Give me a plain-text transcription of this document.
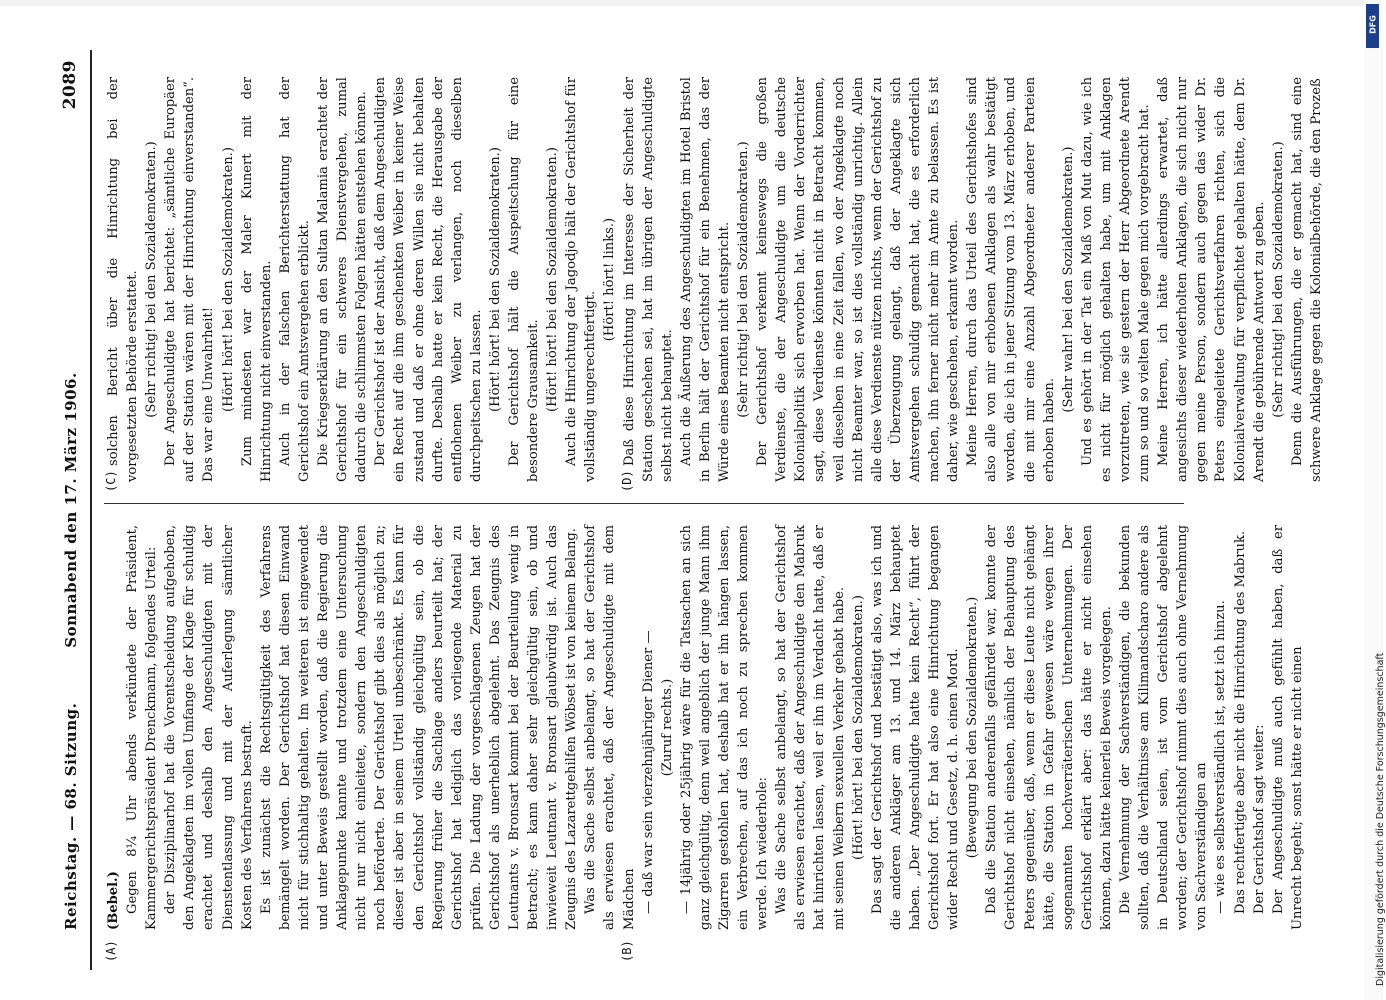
Reichstag. — 68. Sitzung.
Sonnabend den 17. März 1906.
2089
(A)	(B)
(C)	(D)

(Bebel.) Gegen 8¼ Uhr abends verkündete der Präsident, Kammergerichtspräsident Drenckmann, folgendes Urteil: der Disziplinarhof hat die Vorentscheidung aufgehoben, den Angeklagten im vollen Umfange der Klage für schuldig erachtet und deshalb den Angeschuldigten mit der Dienstentlassung und mit der Auferlegung sämtlicher Kosten des Verfahrens bestraft. Es ist zunächst die Rechtsgültigkeit des Verfahrens bemängelt worden. Der Gerichtshof hat diesen Einwand nicht für stichhaltig gehalten. Im weiteren ist eingewendet und unter Beweis gestellt worden, daß die Regierung die Anklagepunkte kannte und trotzdem eine Untersuchung nicht nur nicht einleitete, sondern den Angeschuldigten noch beförderte. Der Gerichtshof gibt dies als möglich zu; dieser ist aber in seinem Urteil unbeschränkt. Es kann für den Gerichtshof vollständig gleichgültig sein, ob die Regierung früher die Sachlage anders beurteilt hat; der Gerichtshof hat lediglich das vorliegende Material zu prüfen. Die Ladung der vorgeschlagenen Zeugen hat der Gerichtshof als unerheblich abgelehnt. Das Zeugnis des Leutnants v. Bronsart kommt bei der Beurteilung wenig in Betracht; es kann daher sehr gleichgültig sein, ob und inwieweit Leutnant v. Bronsart glaubwürdig ist. Auch das Zeugnis des Lazarettgehilfen Wöbset ist von keinem Belang. Was die Sache selbst anbelangt, so hat der Gerichtshof als erwiesen erachtet, daß der Angeschuldigte mit dem Mädchen — daß war sein vierzehnjähriger Diener — (Zuruf rechts.) — 14jährig oder 25jährig wäre für die Tatsachen an sich ganz gleichgültig, denn weil angeblich der junge Mann ihm Zigarren gestohlen hat, deshalb hat er ihn hängen lassen, ein Verbrechen, auf das ich noch zu sprechen kommen werde. Ich wiederhole: Was die Sache selbst anbelangt, so hat der Gerichtshof als erwiesen erachtet, daß der Angeschuldigte den Mabruk hat hinrichten lassen, weil er ihn im Verdacht hatte, daß er mit seinen Weibern sexuellen Verkehr gehabt habe. (Hört! hört! bei den Sozialdemokraten.) Das sagt der Gerichtshof und bestätigt also, was ich und die anderen Ankläger am 13. und 14. März behauptet haben. „Der Angeschuldigte hatte kein Recht“, führt der Gerichtshof fort. Er hat also eine Hinrichtung begangen wider Recht und Gesetz, d. h. einen Mord. (Bewegung bei den Sozialdemokraten.) Daß die Station anderenfalls gefährdet war, konnte der Gerichtshof nicht einsehen, nämlich der Behauptung des Peters gegenüber, daß, wenn er diese Leute nicht gehängt hätte, die Station in Gefahr gewesen wäre wegen ihrer sogenannten hochverräterischen Unternehmungen. Der Gerichtshof erklärt aber: das hätte er nicht einsehen können, dazu hätte keinerlei Beweis vorgelegen. Die Vernehmung der Sachverständigen, die bekunden sollten, daß die Verhältnisse am Kilimandscharo andere als in Deutschland seien, ist vom Gerichtshof abgelehnt worden; der Gerichtshof nimmt dies auch ohne Vernehmung von Sachverständigen an — wie es selbstverständlich ist, setzt ich hinzu. Das rechtfertigte aber nicht die Hinrichtung des Mabruk. Der Gerichtshof sagt weiter: Der Angeschuldigte muß auch gefühlt haben, daß er Unrecht begeht; sonst hätte er nicht einen

solchen Bericht über die Hinrichtung bei der vorgesetzten Behörde erstattet. (Sehr richtig! bei den Sozialdemokraten.) Der Angeschuldigte hat berichtet: „sämtliche Europäer auf der Station wären mit der Hinrichtung einverstanden“. Das war eine Unwahrheit! (Hört! hört! bei den Sozialdemokraten.) Zum mindesten war der Maler Kunert mit der Hinrichtung nicht einverstanden. Auch in der falschen Berichterstattung hat der Gerichtshof ein Amtsvergehen erblickt. Die Kriegserklärung an den Sultan Malamia erachtet der Gerichtshof für ein schweres Dienstvergehen, zumal dadurch die schlimmsten Folgen hätten entstehen können. Der Gerichtshof ist der Ansicht, daß dem Angeschuldigten ein Recht auf die ihm geschenkten Weiber in keiner Weise zustand und daß er ohne deren Willen sie nicht behalten durfte. Deshalb hatte er kein Recht, die Herausgabe der entflohenen Weiber zu verlangen, noch dieselben durchpeitschen zu lassen. (Hört! hört! bei den Sozialdemokraten.) Der Gerichtshof hält die Auspeitschung für eine besondere Grausamkeit. (Hört! hört! bei den Sozialdemokraten.) Auch die Hinrichtung der Jagodjo hält der Gerichtshof für vollständig ungerechtfertigt.

(Hört! hört! links.) Daß diese Hinrichtung im Interesse der Sicherheit der Station geschehen sei, hat im übrigen der Angeschuldigte selbst nicht behauptet. Auch die Äußerung des Angeschuldigten im Hotel Bristol in Berlin hält der Gerichtshof für ein Benehmen, das der Würde eines Beamten nicht entspricht. (Sehr richtig! bei den Sozialdemokraten.) Der Gerichtshof verkennt keineswegs die großen Verdienste, die der Angeschuldigte um die deutsche Kolonialpolitik sich erworben hat. Wenn der Vorderrichter sagt, diese Verdienste könnten nicht in Betracht kommen, weil dieselben in eine Zeit fallen, wo der Angeklagte noch nicht Beamter war, so ist dies vollständig unrichtig. Allein alle diese Verdienste nützen nichts, wenn der Gerichtshof zu der Überzeugung gelangt, daß der Angeklagte sich Amtsvergehen schuldig gemacht hat, die es erforderlich machen, ihn ferner nicht mehr im Amte zu belassen. Es ist daher, wie geschehen, erkannt worden. Meine Herren, durch das Urteil des Gerichtshofes sind also alle von mir erhobenen Anklagen als wahr bestätigt worden, die ich in jener Sitzung vom 13. März erhoben, und die mit mir eine Anzahl Abgeordneter anderer Parteien erhoben haben.

(Sehr wahr! bei den Sozialdemokraten.) Und es gehört in der Tat ein Maß von Mut dazu, wie ich es nicht für möglich gehalten habe, um mit Anklagen vorzutreten, wie sie gestern der Herr Abgeordnete Arendt zum so und so vielten Male gegen mich vorgebracht hat. Meine Herren, ich hätte allerdings erwartet, daß angesichts dieser wiederholten Anklagen, die sich nicht nur gegen meine Person, sondern auch gegen das wider Dr. Peters eingeleitete Gerichtsverfahren richten, sich die Kolonialverwaltung für verpflichtet gehalten hätte, dem Dr. Arendt die gebührende Antwort zu geben. (Sehr richtig! bei den Sozialdemokraten.) Denn die Ausführungen, die er gemacht hat, sind eine schwere Anklage gegen die Kolonialbehörde, die den Prozeß

Digitalisierung gefördert durch die Deutsche Forschungsgemeinschaft
DFG
